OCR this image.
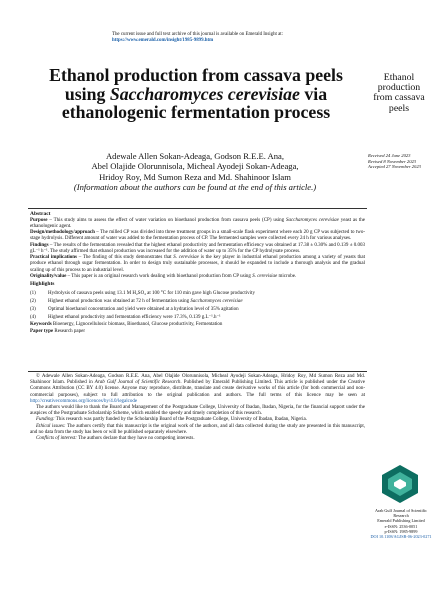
The current issue and full text archive of this journal is available on Emerald Insight at:
https://www.emerald.com/insight/1985-9899.htm
Ethanol production from cassava peels using Saccharomyces cerevisiae via ethanologenic fermentation process
Adewale Allen Sokan-Adeaga, Godson R.E.E. Ana,
Abel Olajide Olorunnisola, Micheal Ayodeji Sokan-Adeaga,
Hridoy Roy, Md Sumon Reza and Md. Shahinoor Islam
(Information about the authors can be found at the end of this article.)
Ethanol production from cassava peels
Received 24 June 2023
Revised 8 November 2023
Accepted 27 November 2023
Abstract
Purpose – This study aims to assess the effect of water variation on bioethanol production from cassava peels (CP) using Saccharomyces cerevisiae yeast as the ethanologenic agent.
Design/methodology/approach – The milled CP was divided into three treatment groups in a small-scale flask experiment where each 20 g CP was subjected to two-stage hydrolysis. Different amount of water was added to the fermentation process of CP. The fermented samples were collected every 24 h for various analyses.
Findings – The results of the fermentation revealed that the highest ethanol productivity and fermentation efficiency was obtained at 17.38 ± 0.30% and 0.139 ± 0.003 gL⁻¹ h⁻¹. The study affirmed that ethanol production was increased for the addition of water up to 35% for the CP hydrolysate process.
Practical implications – The finding of this study demonstrates that S. cerevisiae is the key player in industrial ethanol production among a variety of yeasts that produce ethanol through sugar fermentation. In order to design truly sustainable processes, it should be expanded to include a thorough analysis and the gradual scaling up of this process to an industrial level.
Originality/value – This paper is an original research work dealing with bioethanol production from CP using S. cerevisiae microbe.
Highlights
(1)	Hydrolysis of cassava peels using 13.1 M H₂SO₄ at 100 °C for 110 min gave high Glucose productivity
(2)	Highest ethanol production was obtained at 72 h of fermentation using Saccharomyces cerevisiae
(3)	Optimal bioethanol concentration and yield were obtained at a hydration level of 35% agitation
(4)	Highest ethanol productivity and fermentation efficiency were 17.3%, 0.139 g.L⁻¹.h⁻¹
Keywords Bioenergy, Lignocellulosic biomass, Bioethanol, Glucose productivity, Fermentation
Paper type Research paper
© Adewale Allen Sokan-Adeaga, Godson R.E.E. Ana, Abel Olajide Olorunnisola, Micheal Ayodeji Sokan-Adeaga, Hridoy Roy, Md Sumon Reza and Md. Shahinoor Islam. Published in Arab Gulf Journal of Scientific Research. Published by Emerald Publishing Limited. This article is published under the Creative Commons Attribution (CC BY 4.0) license. Anyone may reproduce, distribute, translate and create derivative works of this article (for both commercial and non-commercial purposes), subject to full attribution to the original publication and authors. The full terms of this licence may be seen at http://creativecommons.org/licences/by/4.0/legalcode
The authors would like to thank the Board and Management of the Postgraduate College, University of Ibadan, Ibadan, Nigeria, for the financial support under the auspices of the Postgraduate Scholarship Scheme, which enabled the speedy and timely completion of this research.
Funding: This research was partly funded by the Scholarship Board of the Postgraduate College, University of Ibadan, Ibadan, Nigeria.
Ethical issues: The authors certify that this manuscript is the original work of the authors, and all data collected during the study are presented in this manuscript, and no data from the study has been or will be published separately elsewhere.
Conflicts of interest: The authors declare that they have no competing interests.
Arab Gulf Journal of Scientific Research
Emerald Publishing Limited
e-ISSN: 2536-0051
p-ISSN: 1985-9899
DOI 10.1108/AGJSR-06-2023-0271
